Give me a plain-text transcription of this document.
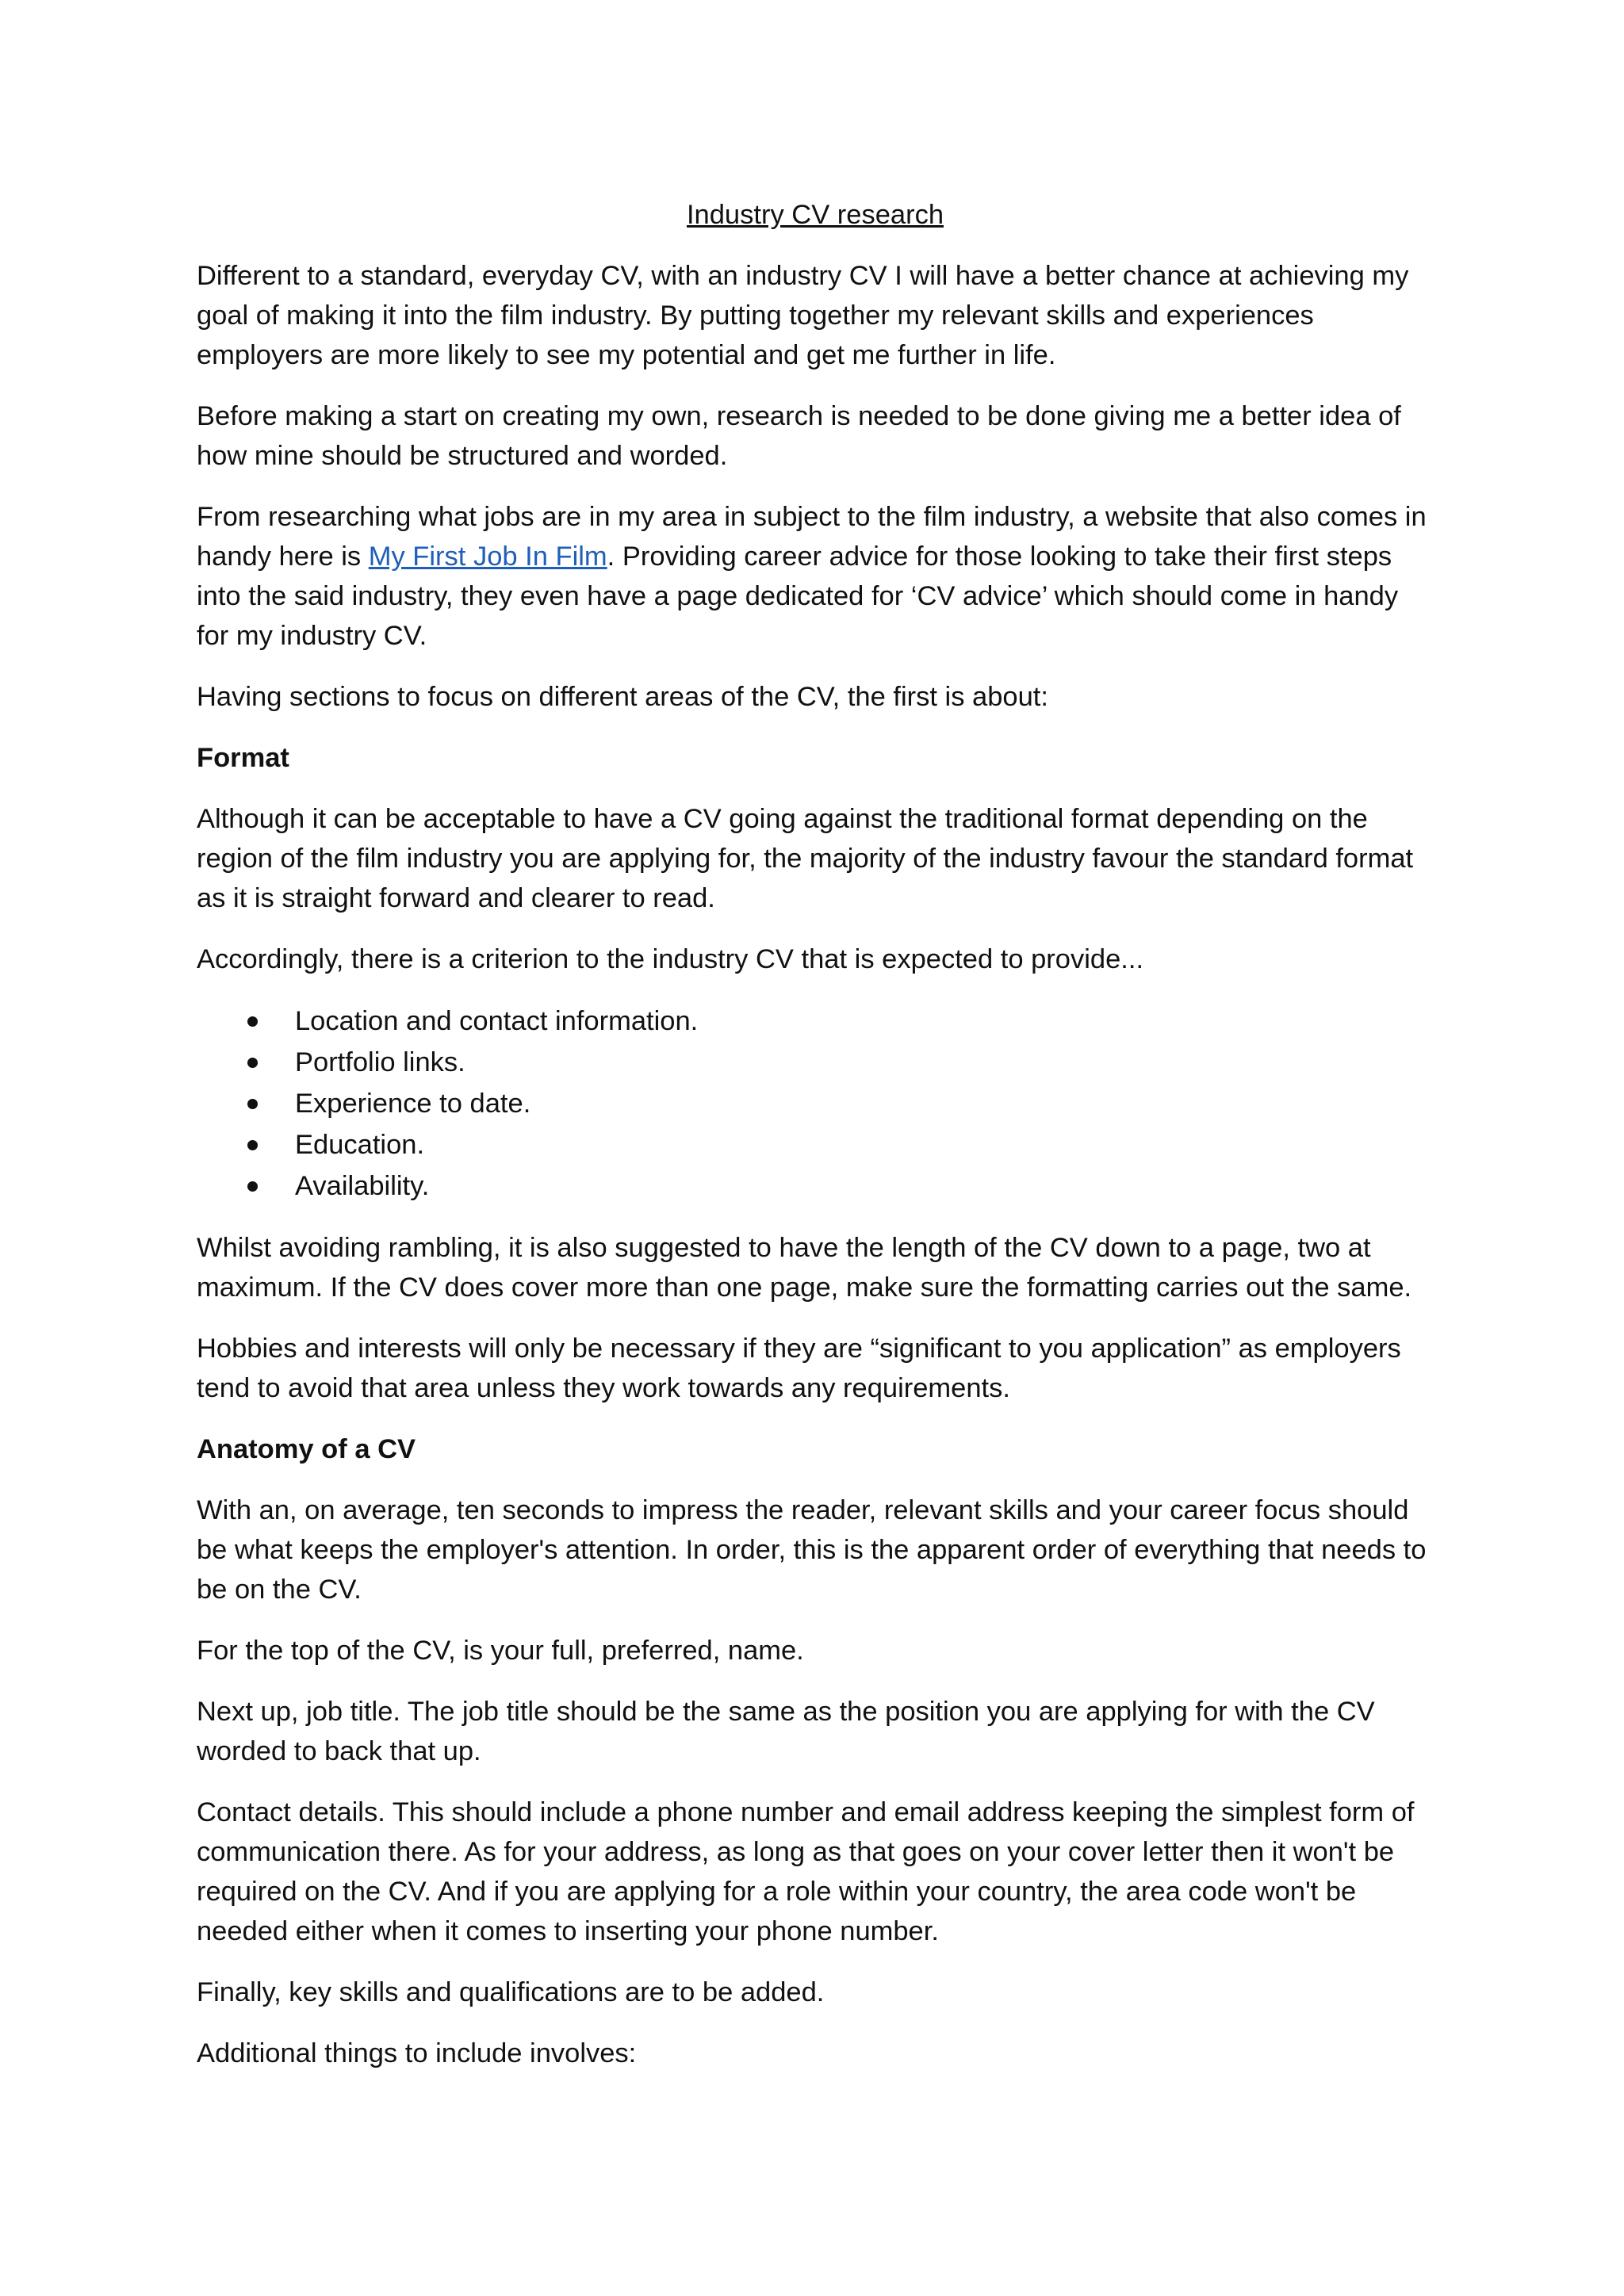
Industry CV research

Different to a standard, everyday CV, with an industry CV I will have a better chance at achieving my goal of making it into the film industry. By putting together my relevant skills and experiences employers are more likely to see my potential and get me further in life.

Before making a start on creating my own, research is needed to be done giving me a better idea of how mine should be structured and worded.

From researching what jobs are in my area in subject to the film industry, a website that also comes in handy here is My First Job In Film. Providing career advice for those looking to take their first steps into the said industry, they even have a page dedicated for ‘CV advice’ which should come in handy for my industry CV.

Having sections to focus on different areas of the CV, the first is about:

Format

Although it can be acceptable to have a CV going against the traditional format depending on the region of the film industry you are applying for, the majority of the industry favour the standard format as it is straight forward and clearer to read.

Accordingly, there is a criterion to the industry CV that is expected to provide...

Location and contact information.
Portfolio links.
Experience to date.
Education.
Availability.

Whilst avoiding rambling, it is also suggested to have the length of the CV down to a page, two at maximum. If the CV does cover more than one page, make sure the formatting carries out the same.

Hobbies and interests will only be necessary if they are “significant to you application” as employers tend to avoid that area unless they work towards any requirements.

Anatomy of a CV

With an, on average, ten seconds to impress the reader, relevant skills and your career focus should be what keeps the employer's attention. In order, this is the apparent order of everything that needs to be on the CV.

For the top of the CV, is your full, preferred, name.

Next up, job title. The job title should be the same as the position you are applying for with the CV worded to back that up.

Contact details. This should include a phone number and email address keeping the simplest form of communication there. As for your address, as long as that goes on your cover letter then it won't be required on the CV. And if you are applying for a role within your country, the area code won't be needed either when it comes to inserting your phone number.

Finally, key skills and qualifications are to be added.

Additional things to include involves:
